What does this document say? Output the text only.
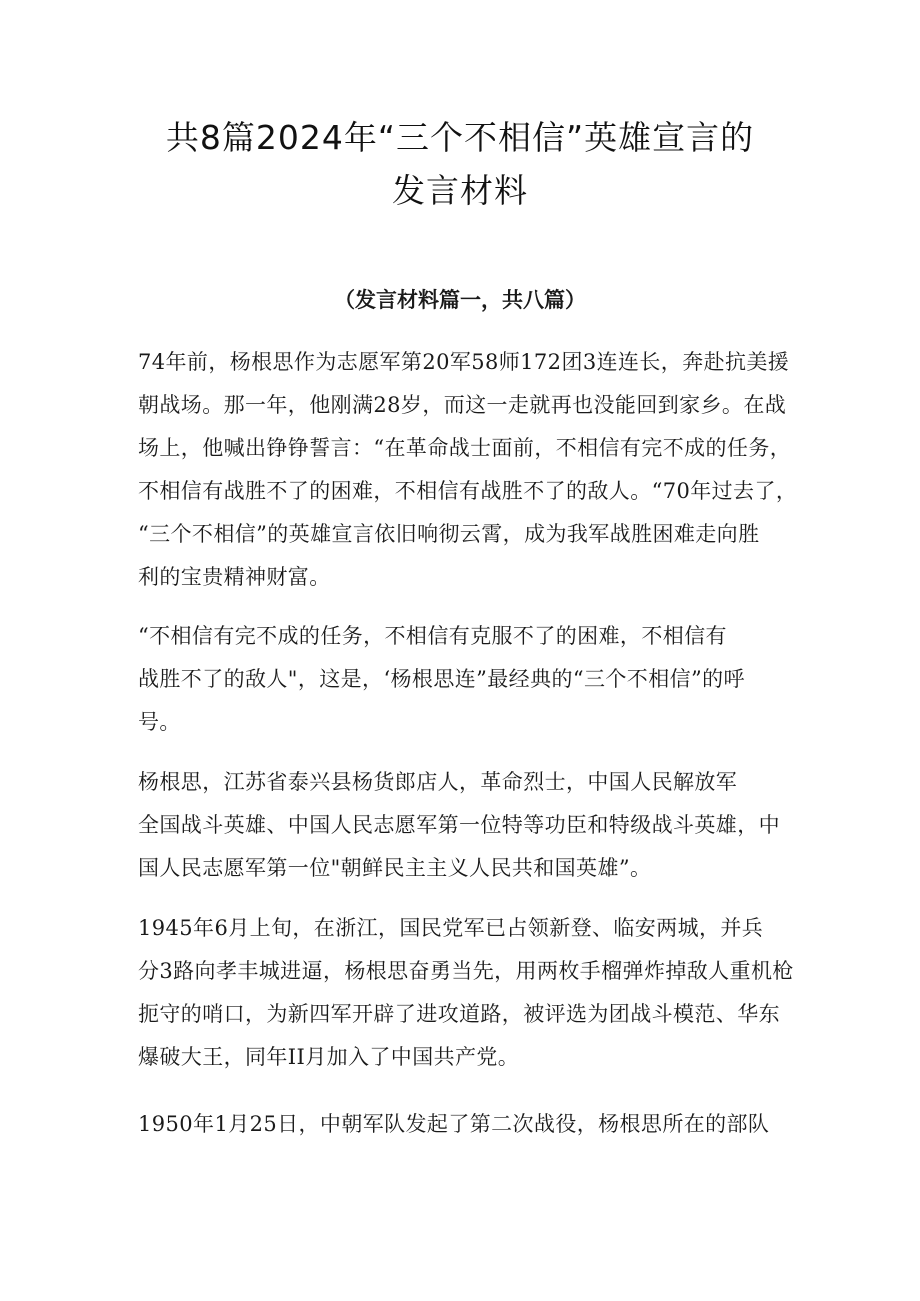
共8篇2024年“三个不相信”英雄宣言的
发言材料
（发言材料篇一，共八篇）
74年前，杨根思作为志愿军第20军58师172团3连连长，奔赴抗美援
朝战场。那一年，他刚满28岁，而这一走就再也没能回到家乡。在战
场上，他喊出铮铮誓言：“在革命战士面前，不相信有完不成的任务，
不相信有战胜不了的困难，不相信有战胜不了的敌人。“70年过去了，
“三个不相信”的英雄宣言依旧响彻云霄，成为我军战胜困难走向胜
利的宝贵精神财富。
“不相信有完不成的任务，不相信有克服不了的困难，不相信有
战胜不了的敌人"，这是，‘杨根思连”最经典的“三个不相信”的呼
号。
杨根思，江苏省泰兴县杨货郎店人，革命烈士，中国人民解放军
全国战斗英雄、中国人民志愿军第一位特等功臣和特级战斗英雄，中
国人民志愿军第一位"朝鲜民主主义人民共和国英雄”。
1945年6月上旬，在浙江，国民党军已占领新登、临安两城，并兵
分3路向孝丰城进逼，杨根思奋勇当先，用两枚手榴弹炸掉敌人重机枪
扼守的哨口，为新四军开辟了进攻道路，被评选为团战斗模范、华东
爆破大王，同年II月加入了中国共产党。
1950年1月25日，中朝军队发起了第二次战役，杨根思所在的部队
